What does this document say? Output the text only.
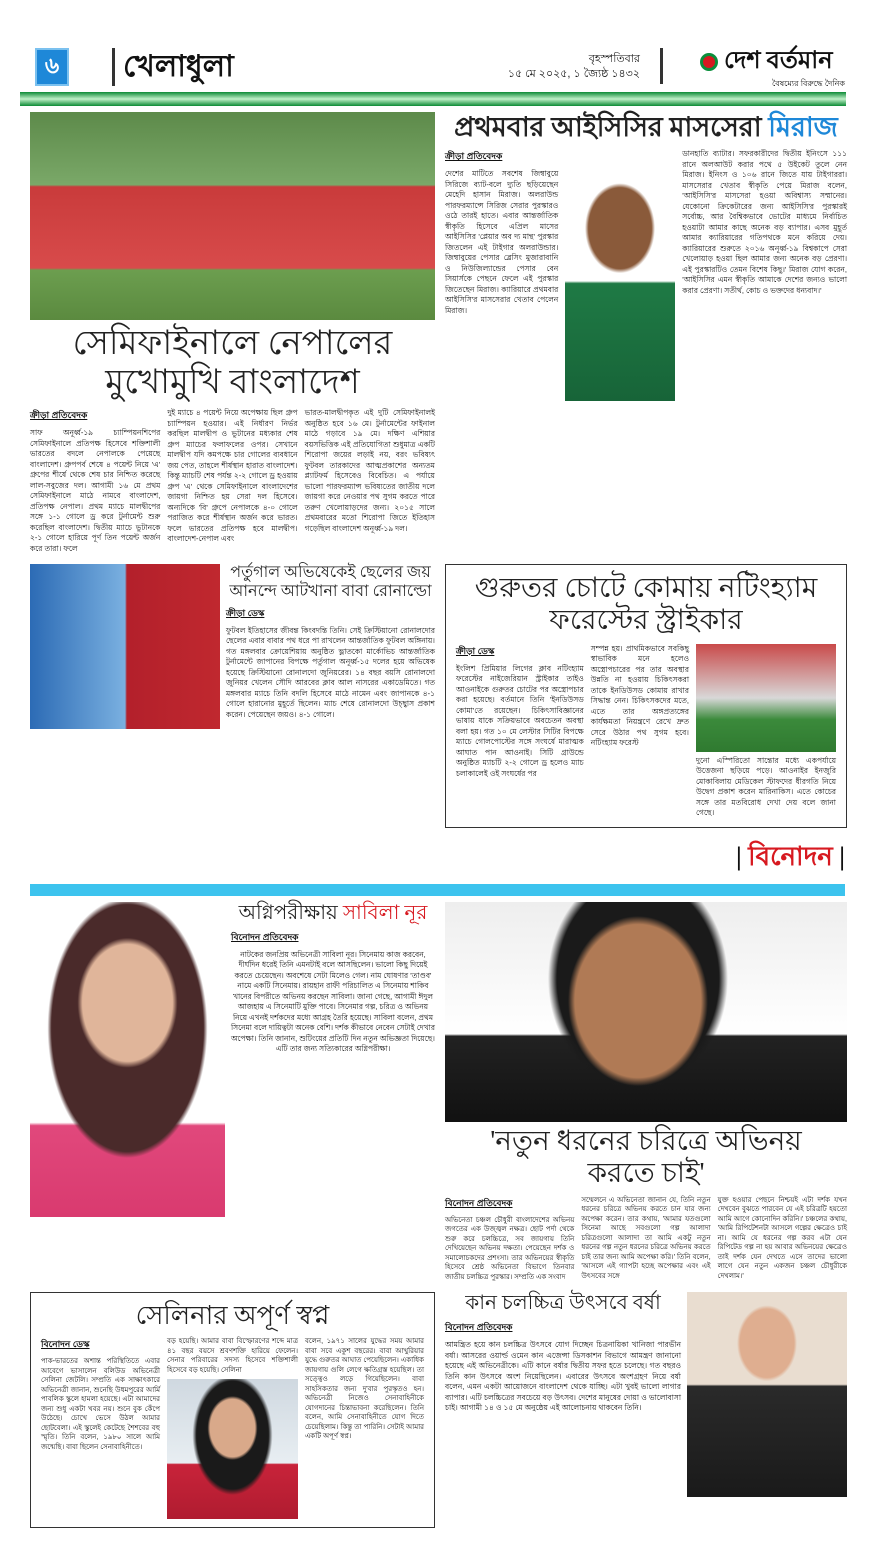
৬	খেলাধুলা	বৃহস্পতিবার
১৫ মে ২০২৫, ১ জ্যৈষ্ঠ ১৪৩২	দেশ বর্তমান
বৈষম্যের বিরুদ্ধে দৈনিক
সেমিফাইনালে নেপালের
মুখোমুখি বাংলাদেশ
ক্রীড়া প্রতিবেদক
সাফ অনূর্ধ্ব-১৯ চ্যাম্পিয়নশিপের সেমিফাইনালে প্রতিপক্ষ হিসেবে শক্তিশালী ভারতের বদলে নেপালকে পেয়েছে বাংলাদেশ। গ্রুপপর্ব শেষে ৪ পয়েন্ট নিয়ে 'এ' গ্রুপের শীর্ষে থেকে শেষ চার নিশ্চিত করেছে লাল-সবুজের দল। আগামী ১৬ মে প্রথম সেমিফাইনালে মাঠে নামবে বাংলাদেশ, প্রতিপক্ষ নেপাল। প্রথম ম্যাচে মালদ্বীপের সঙ্গে ১-১ গোলে ড্র করে টুর্নামেন্ট শুরু করেছিল বাংলাদেশ। দ্বিতীয় ম্যাচে ভুটানকে ২-১ গোলে হারিয়ে পূর্ণ তিন পয়েন্ট অর্জন করে তারা। ফলে
দুই ম্যাচে ৪ পয়েন্ট নিয়ে অপেক্ষায় ছিল গ্রুপ চ্যাম্পিয়ন হওয়ার। এই নির্ধারণ নির্ভর করছিল মালদ্বীপ ও ভুটানের মধ্যকার শেষ গ্রুপ ম্যাচের ফলাফলের ওপর। সেখানে মালদ্বীপ যদি কমপক্ষে চার গোলের ব্যবধানে জয় পেত, তাহলে শীর্ষস্থান হারাত বাংলাদেশ। কিন্তু ম্যাচটি শেষ পর্যন্ত ২-২ গোলে ড্র হওয়ায় গ্রুপ 'এ' থেকে সেমিফাইনালে বাংলাদেশের জায়গা নিশ্চিত হয় সেরা দল হিসেবে। অন্যদিকে 'বি' গ্রুপে নেপালকে ৪-০ গোলে পরাজিত করে শীর্ষস্থান অর্জন করে ভারত। ফলে ভারতের প্রতিপক্ষ হবে মালদ্বীপ। বাংলাদেশ-নেপাল এবং
ভারত-মালদ্বীপকৃত এই দুটি সেমিফাইনালই অনুষ্ঠিত হবে ১৬ মে। টুর্নামেন্টের ফাইনাল মাঠে গড়াবে ১৯ মে। দক্ষিণ এশিয়ার বয়সভিত্তিক এই প্রতিযোগিতা শুধুমাত্র একটি শিরোপা জয়ের লড়াই নয়, বরং ভবিষ্যৎ ফুটবল তারকাদের আত্মপ্রকাশের অন্যতম প্ল্যাটফর্ম হিসেবেও বিবেচিত। এ পর্যায়ে ভালো পারফরম্যান্স ভবিষ্যতের জাতীয় দলে জায়গা করে নেওয়ার পথ সুগম করতে পারে তরুণ খেলোয়াড়দের জন্য। ২০১৫ সালে প্রথমবারের মতো শিরোপা জিতে ইতিহাস গড়েছিল বাংলাদেশ অনূর্ধ্ব-১৯ দল।
প্রথমবার আইসিসির মাসসেরা মিরাজ
ক্রীড়া প্রতিবেদক
দেশের মাটিতে সবশেষ জিম্বাবুয়ে সিরিজে ব্যাট-বলে দ্যুতি ছড়িয়েছেন মেহেদি হাসান মিরাজ। অলরাউন্ড পারফরম্যান্সে সিরিজ সেরার পুরস্কারও ওঠে তারই হাতে। এবার আন্তর্জাতিক স্বীকৃতি হিসেবে এপ্রিল মাসের আইসিসির 'প্লেয়ার অব দ্য মান্থ' পুরস্কার জিতলেন এই টাইগার অলরাউন্ডার। জিম্বাবুয়ের পেসার ব্লেসিং মুজারাবানি ও নিউজিল্যান্ডের পেসার বেন সিয়ার্সকে পেছনে ফেলে এই পুরস্কার জিতেছেন মিরাজ। ক্যারিয়ারে প্রথমবার আইসিসি'র মাসসেরার খেতাব পেলেন মিরাজ।
ডানহাতি ব্যাটার। সফরকারীদের দ্বিতীয় ইনিংসে ১১১ রানে অলআউট করার পথে ৫ উইকেট তুলে নেন মিরাজ। ইনিংস ও ১০৬ রানে জিতে যায় টাইগাররা। মাসসেরার খেতাব স্বীকৃতি পেয়ে মিরাজ বলেন, 'আইসিসি'র মাসসেরা হওয়া অবিশ্বাস্য সম্মানের। যেকোনো ক্রিকেটারের জন্য আইসিসি'র পুরস্কারই সর্বোচ্চ, আর বৈশ্বিকভাবে ভোটের মাধ্যমে নির্বাচিত হওয়াটা আমার কাছে অনেক বড় ব্যাপার। এসব মুহূর্ত আমার ক্যারিয়ারের গতিপথকে মনে করিয়ে দেয়। ক্যারিয়ারের শুরুতে ২০১৬ অনূর্ধ্ব-১৯ বিশ্বকাপে সেরা খেলোয়াড় হওয়া ছিল আমার জন্য অনেক বড় প্রেরণা। এই পুরস্কারটিও তেমন বিশেষ কিছু।' মিরাজ যোগ করেন, 'আইসিসির এমন স্বীকৃতি আমাকে দেশের জন্যও ভালো করার প্রেরণা। সতীর্থ, কোচ ও ভক্তদের ধন্যবাদ।'
পর্তুগাল অভিষেকেই ছেলের জয়
আনন্দে আটখানা বাবা রোনাল্ডো
ক্রীড়া ডেস্ক
ফুটবল ইতিহাসের জীবন্ত কিংবদন্তি তিনি। সেই ক্রিস্টিয়ানো রোনালদোর ছেলের এবার বাবার পথ ধরে পা রাখলেন আন্তর্জাতিক ফুটবল অঙ্গিনায়। গত মঙ্গলবার ক্রোয়েশিয়ায় অনুষ্ঠিত ভ্লাতকো মার্কোভিচ আন্তর্জাতিক টুর্নামেন্টে জাপানের বিপক্ষে পর্তুগাল অনূর্ধ্ব-১৫ দলের হয়ে অভিষেক হয়েছে ক্রিস্টিয়ানো রোনালদো জুনিয়রের। ১৪ বছর বয়সি রোনালদো জুনিয়র খেলেন সৌদি আরবের ক্লাব আল নাসরের একাডেমিতে। গত মঙ্গলবার ম্যাচে তিনি বদলি হিসেবে মাঠে নামেন এবং জাপানকে ৪-১ গোলে হারানোর মুহূর্তে ছিলেন। ম্যাচ শেষে রোনালদো উচ্ছ্বাস প্রকাশ করেন। পেয়েছেন জয়ও। ৪-১ গোলে।
গুরুতর চোটে কোমায় নটিংহ্যাম
ফরেস্টের স্ট্রাইকার
ক্রীড়া ডেস্ক
ইংলিশ প্রিমিয়ার লিগের ক্লাব নটিংহ্যাম ফরেস্টের নাইজেরিয়ান স্ট্রাইকার তাইও আওনাইকে গুরুতর চোটের পর অস্ত্রোপচার করা হয়েছে। বর্তমানে তিনি 'ইনডিউসড কোমা'তে রয়েছেন। চিকিৎসাবিজ্ঞানের ভাষায় যাকে সক্রিয়ভাবে অবচেতন অবস্থা বলা হয়। গত ১০ মে লেস্টার সিটির বিপক্ষে ম্যাচে গোলপোস্টের সঙ্গে সংঘর্ষে মারাত্মক আঘাত পান আওনাই। সিটি গ্রাউন্ডে অনুষ্ঠিত ম্যাচটি ২-২ গোলে ড্র হলেও ম্যাচ চলাকালেই ওই সংঘর্ষের পর
সম্পন্ন হয়। প্রাথমিকভাবে সবকিছু স্বাভাবিক মনে হলেও অস্ত্রোপচারের পর তার অবস্থার উন্নতি না হওয়ায় চিকিৎসকরা তাকে ইনডিউসড কোমায় রাখার সিদ্ধান্ত নেন। চিকিৎসকদের মতে, এতে তার অঙ্গপ্রত্যঙ্গের কার্যক্ষমতা নিয়ন্ত্রণে রেখে দ্রুত সেরে উঠার পথ সুগম হবে। নটিংহ্যাম ফরেস্ট
দুনো এস্পিরিতো সান্তোর মধ্যে একপর্যায়ে উত্তেজনা ছড়িয়ে পড়ে। আওনাইর ইনজুরি মোকাবিলায় মেডিকেল স্টাফদের ধীরগতি নিয়ে উদ্বেগ প্রকাশ করেন মারিনাকিস। এতে কোচের সঙ্গে তার মতবিরোধ দেখা দেয় বলে জানা গেছে।
| বিনোদন |
অগ্নিপরীক্ষায় সাবিলা নূর
বিনোদন প্রতিবেদক
নাটকের জনপ্রিয় অভিনেত্রী সাবিলা নূর। সিনেমায় কাজ করবেন, দীর্ঘদিন ধরেই তিনি এমনটাই বলে আসছিলেন। ভালো কিছু দিয়েই করতে চেয়েছেন। অবশেষে সেটা মিলেও গেল। নাম ঘোষণার 'তাণ্ডব' নামে একটি সিনেমায়। রায়হান রাফী পরিচালিত এ সিনেমায় শাকিব খানের বিপরীতে অভিনয় করছেন সাবিলা। জানা গেছে, আগামী ঈদুল আজহায় এ সিনেমাটি মুক্তি পাবে। সিনেমার গল্প, চরিত্র ও অভিনয় নিয়ে এখনই দর্শকদের মধ্যে আগ্রহ তৈরি হয়েছে। সাবিলা বলেন, প্রথম সিনেমা বলে দায়িত্বটা অনেক বেশি। দর্শক কীভাবে নেবেন সেটাই দেখার অপেক্ষা। তিনি জানান, শুটিংয়ের প্রতিটি দিন নতুন অভিজ্ঞতা দিয়েছে। এটি তার জন্য সত্যিকারের অগ্নিপরীক্ষা।
'নতুন ধরনের চরিত্রে অভিনয়
করতে চাই'
বিনোদন প্রতিবেদক
অভিনেতা চঞ্চল চৌধুরী বাংলাদেশের অভিনয় জগতের এক উজ্জ্বল নক্ষত্র। ছোট পর্দা থেকে শুরু করে চলচ্চিত্রে, সব জায়গায় তিনি দেখিয়েছেন অভিনয় দক্ষতা। পেয়েছেন দর্শক ও সমালোচকদের প্রশংসা। তার অভিনয়ের স্বীকৃতি হিসেবে শ্রেষ্ঠ অভিনেতা বিভাগে তিনবার জাতীয় চলচ্চিত্র পুরস্কার। সম্প্রতি এক সংবাদ
সম্মেলনে এ অভিনেতা জানান যে, তিনি নতুন ধরনের চরিত্রে অভিনয় করতে চান যার জন্য অপেক্ষা করেন। তার কথায়, 'আমার যতগুলো সিনেমা আছে সবগুলো গল্প আলাদা চরিত্রগুলো আলাদা তা আমি একটু নতুন ধরনের গল্প নতুন ধরনের চরিত্রে অভিনয় করতে চাই তার জন্য আমি অপেক্ষা করি।' তিনি বলেন, 'আসলে এই গ্যাপটা হচ্ছে অপেক্ষার এবং এই উৎসবের সঙ্গে
যুক্ত হওয়ার পেছনে নিশ্চয়ই এটা দর্শক যখন দেখবেন বুঝতে পারবেন যে এই চরিত্রটি হয়তো আমি আগে কোনোদিন করিনি।' চঞ্চলের কথায়, 'আমি রিপিটেশনটা আসলে গল্পের ক্ষেত্রেও চাই না। আমি যে ধরনের গল্প করব এটা যেন রিপিটেড গল্প না হয় আবার অভিনয়ের ক্ষেত্রেও তাই দর্শক যেন দেখতে এসে তাদের ভালো লাগে যেন নতুন একজন চঞ্চল চৌধুরীকে দেখলাম।'
সেলিনার অপূর্ণ স্বপ্ন
বিনোদন ডেস্ক
পাক-ভারতের অশান্ত পরিস্থিতিতে এবার আবেগে ভাসালেন বলিউড অভিনেত্রী সেলিনা জেটলি। সম্প্রতি এক সাক্ষাৎকারে অভিনেত্রী জানান, শুনেছি উধমপুরের আর্মি পাবলিক স্কুলে হামলা হয়েছে। এটা আমাদের জন্য শুধু একটা খবর নয়। শুনে বুক কেঁপে উঠেছে। চোখে ভেসে উঠল আমার ছোটবেলা। এই স্কুলেই কেটেছে শৈশবের বহু স্মৃতি। তিনি বলেন, ১৯৮০ সালে আমি জন্মেছি। বাবা ছিলেন সেনাবাহিনীতে।
বড় হয়েছি। আমার বাবা বিস্ফোরণের শব্দে মাত্র ৪১ বছর বয়সে শ্রবণশক্তি হারিয়ে ফেলেন। সেনার পরিবারের সদস্য হিসেবে শক্তিশালী হিসেবে বড় হয়েছি। সেলিনা
বলেন, ১৯৭১ সালের যুদ্ধের সময় আমার বাবা সবে একুশ বছরের। বাবা আখুরিয়ার যুদ্ধে গুরুতর আঘাত পেয়েছিলেন। একাধিক জায়গায় গুলি লেগে ক্ষতিগ্রস্ত হয়েছিল। তা সত্ত্বেও লড়ে গিয়েছিলেন। বাবা সাহসিকতার জন্য দু'বার পুরস্কৃতও হন। অভিনেত্রী নিজেও সেনাবাহিনীকে যোগদানের চিন্তাভাবনা করেছিলেন। তিনি বলেন, আমি সেনাবাহিনীতে যোগ দিতে চেয়েছিলাম। কিন্তু তা পারিনি। সেটাই আমার একটি অপূর্ণ স্বপ্ন।
কান চলচ্চিত্র উৎসবে বর্ষা
বিনোদন প্রতিবেদক
আমন্ত্রিত হয়ে কান চলচ্চিত্র উৎসবে যোগ দিচ্ছেন চিত্রনায়িকা খানিজা পারভীন বর্ষা। আসরের ওয়ার্ল্ড ওমেন কান এজেন্সা ডিসকাশন বিভাগে আমন্ত্রণ জানানো হয়েছে এই অভিনেত্রীকে। এটি কানে বর্ষার দ্বিতীয় সফর হতে চলেছে। গত বছরও তিনি কান উৎসবে অংশ নিয়েছিলেন। এবারের উৎসবে অংশগ্রহণ নিয়ে বর্ষা বলেন, এমন একটা আয়োজনে বাংলাদেশ থেকে যাচ্ছি। এটা খুবই ভালো লাগার ব্যাপার। এটি চলচ্চিত্রের সবচেয়ে বড় উৎসব। দেশের মানুষের দোয়া ও ভালোবাসা চাই। আগামী ১৪ ও ১৫ মে অনুষ্ঠেয় এই আলোচনায় থাকবেন তিনি।
